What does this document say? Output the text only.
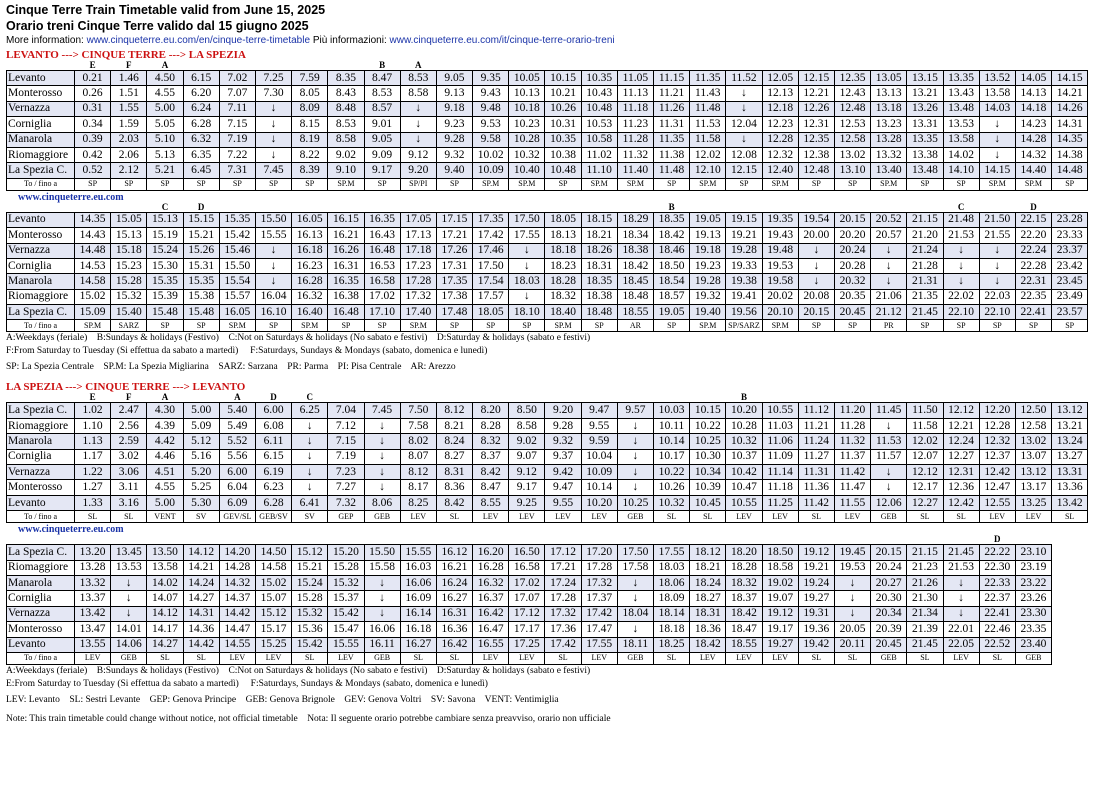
Cinque Terre Train Timetable valid from June 15, 2025
Orario treni Cinque Terre valido dal 15 giugno 2025
More information: www.cinqueterre.eu.com/en/cinque-terre-timetable Più informazioni: www.cinqueterre.eu.com/it/cinque-terre-orario-treni
LEVANTO ---> CINQUE TERRE ---> LA SPEZIA
	E	F	A						B	A																		
Levanto	0.21	1.46	4.50	6.15	7.02	7.25	7.59	8.35	8.47	8.53	9.05	9.35	10.05	10.15	10.35	11.05	11.15	11.35	11.52	12.05	12.15	12.35	13.05	13.15	13.35	13.52	14.05	14.15
Monterosso	0.26	1.51	4.55	6.20	7.07	7.30	8.05	8.43	8.53	8.58	9.13	9.43	10.13	10.21	10.43	11.13	11.21	11.43	↓	12.13	12.21	12.43	13.13	13.21	13.43	13.58	14.13	14.21
Vernazza	0.31	1.55	5.00	6.24	7.11	↓	8.09	8.48	8.57	↓	9.18	9.48	10.18	10.26	10.48	11.18	11.26	11.48	↓	12.18	12.26	12.48	13.18	13.26	13.48	14.03	14.18	14.26
Corniglia	0.34	1.59	5.05	6.28	7.15	↓	8.15	8.53	9.01	↓	9.23	9.53	10.23	10.31	10.53	11.23	11.31	11.53	12.04	12.23	12.31	12.53	13.23	13.31	13.53	↓	14.23	14.31
Manarola	0.39	2.03	5.10	6.32	7.19	↓	8.19	8.58	9.05	↓	9.28	9.58	10.28	10.35	10.58	11.28	11.35	11.58	↓	12.28	12.35	12.58	13.28	13.35	13.58	↓	14.28	14.35
Riomaggiore	0.42	2.06	5.13	6.35	7.22	↓	8.22	9.02	9.09	9.12	9.32	10.02	10.32	10.38	11.02	11.32	11.38	12.02	12.08	12.32	12.38	13.02	13.32	13.38	14.02	↓	14.32	14.38
La Spezia C.	0.52	2.12	5.21	6.45	7.31	7.45	8.39	9.10	9.17	9.20	9.40	10.09	10.40	10.48	11.10	11.40	11.48	12.10	12.15	12.40	12.48	13.10	13.40	13.48	14.10	14.15	14.40	14.48
To / fino a	SP	SP	SP	SP	SP	SP	SP	SP.M	SP	SP/PI	SP	SP.M	SP.M	SP	SP.M	SP.M	SP	SP.M	SP	SP.M	SP	SP	SP.M	SP	SP	SP.M	SP.M	SP
www.cinqueterre.eu.com
			C	D													B								C		D	
Levanto	14.35	15.05	15.13	15.15	15.35	15.50	16.05	16.15	16.35	17.05	17.15	17.35	17.50	18.05	18.15	18.29	18.35	19.05	19.15	19.35	19.54	20.15	20.52	21.15	21.48	21.50	22.15	23.28
Monterosso	14.43	15.13	15.19	15.21	15.42	15.55	16.13	16.21	16.43	17.13	17.21	17.42	17.55	18.13	18.21	18.34	18.42	19.13	19.21	19.43	20.00	20.20	20.57	21.20	21.53	21.55	22.20	23.33
Vernazza	14.48	15.18	15.24	15.26	15.46	↓	16.18	16.26	16.48	17.18	17.26	17.46	↓	18.18	18.26	18.38	18.46	19.18	19.28	19.48	↓	20.24	↓	21.24	↓	↓	22.24	23.37
Corniglia	14.53	15.23	15.30	15.31	15.50	↓	16.23	16.31	16.53	17.23	17.31	17.50	↓	18.23	18.31	18.42	18.50	19.23	19.33	19.53	↓	20.28	↓	21.28	↓	↓	22.28	23.42
Manarola	14.58	15.28	15.35	15.35	15.54	↓	16.28	16.35	16.58	17.28	17.35	17.54	18.03	18.28	18.35	18.45	18.54	19.28	19.38	19.58	↓	20.32	↓	21.31	↓	↓	22.31	23.45
Riomaggiore	15.02	15.32	15.39	15.38	15.57	16.04	16.32	16.38	17.02	17.32	17.38	17.57	↓	18.32	18.38	18.48	18.57	19.32	19.41	20.02	20.08	20.35	21.06	21.35	22.02	22.03	22.35	23.49
La Spezia C.	15.09	15.40	15.48	15.48	16.05	16.10	16.40	16.48	17.10	17.40	17.48	18.05	18.10	18.40	18.48	18.55	19.05	19.40	19.56	20.10	20.15	20.45	21.12	21.45	22.10	22.10	22.41	23.57
To / fino a	SP.M	SARZ	SP	SP	SP.M	SP	SP.M	SP	SP	SP.M	SP	SP	SP	SP.M	SP	AR	SP	SP.M	SP/SARZ	SP.M	SP	SP	PR	SP	SP	SP	SP	SP
A:Weekdays (feriale) B:Sundays & holidays (Festivo) C:Not on Saturdays & holidays (No sabato e festivi) D:Saturday & holidays (sabato e festivi)
F:From Saturday to Tuesday (Si effettua da sabato a martedì) F:Saturdays, Sundays & Mondays (sabato, domenica e lunedì)
SP: La Spezia Centrale    SP.M: La Spezia Migliarina    SARZ: Sarzana    PR: Parma    PI: Pisa Centrale    AR: Arezzo
LA SPEZIA ---> CINQUE TERRE ---> LEVANTO
	E	F	A		A	D	C												B									
La Spezia C.	1.02	2.47	4.30	5.00	5.40	6.00	6.25	7.04	7.45	7.50	8.12	8.20	8.50	9.20	9.47	9.57	10.03	10.15	10.20	10.55	11.12	11.20	11.45	11.50	12.12	12.20	12.50	13.12
Riomaggiore	1.10	2.56	4.39	5.09	5.49	6.08	↓	7.12	↓	7.58	8.21	8.28	8.58	9.28	9.55	↓	10.11	10.22	10.28	11.03	11.21	11.28	↓	11.58	12.21	12.28	12.58	13.21
Manarola	1.13	2.59	4.42	5.12	5.52	6.11	↓	7.15	↓	8.02	8.24	8.32	9.02	9.32	9.59	↓	10.14	10.25	10.32	11.06	11.24	11.32	11.53	12.02	12.24	12.32	13.02	13.24
Corniglia	1.17	3.02	4.46	5.16	5.56	6.15	↓	7.19	↓	8.07	8.27	8.37	9.07	9.37	10.04	↓	10.17	10.30	10.37	11.09	11.27	11.37	11.57	12.07	12.27	12.37	13.07	13.27
Vernazza	1.22	3.06	4.51	5.20	6.00	6.19	↓	7.23	↓	8.12	8.31	8.42	9.12	9.42	10.09	↓	10.22	10.34	10.42	11.14	11.31	11.42	↓	12.12	12.31	12.42	13.12	13.31
Monterosso	1.27	3.11	4.55	5.25	6.04	6.23	↓	7.27	↓	8.17	8.36	8.47	9.17	9.47	10.14	↓	10.26	10.39	10.47	11.18	11.36	11.47	↓	12.17	12.36	12.47	13.17	13.36
Levanto	1.33	3.16	5.00	5.30	6.09	6.28	6.41	7.32	8.06	8.25	8.42	8.55	9.25	9.55	10.20	10.25	10.32	10.45	10.55	11.25	11.42	11.55	12.06	12.27	12.42	12.55	13.25	13.42
To / fino a	SL	SL	VENT	SV	GEV/SL	GEB/SV	SV	GEP	GEB	LEV	SL	LEV	LEV	LEV	LEV	GEB	SL	SL	LEV	LEV	SL	LEV	GEB	SL	SL	LEV	LEV	SL
www.cinqueterre.eu.com
																										D	
La Spezia C.	13.20	13.45	13.50	14.12	14.20	14.50	15.12	15.20	15.50	15.55	16.12	16.20	16.50	17.12	17.20	17.50	17.55	18.12	18.20	18.50	19.12	19.45	20.15	21.15	21.45	22.22	23.10
Riomaggiore	13.28	13.53	13.58	14.21	14.28	14.58	15.21	15.28	15.58	16.03	16.21	16.28	16.58	17.21	17.28	17.58	18.03	18.21	18.28	18.58	19.21	19.53	20.24	21.23	21.53	22.30	23.19
Manarola	13.32	↓	14.02	14.24	14.32	15.02	15.24	15.32	↓	16.06	16.24	16.32	17.02	17.24	17.32	↓	18.06	18.24	18.32	19.02	19.24	↓	20.27	21.26	↓	22.33	23.22
Corniglia	13.37	↓	14.07	14.27	14.37	15.07	15.28	15.37	↓	16.09	16.27	16.37	17.07	17.28	17.37	↓	18.09	18.27	18.37	19.07	19.27	↓	20.30	21.30	↓	22.37	23.26
Vernazza	13.42	↓	14.12	14.31	14.42	15.12	15.32	15.42	↓	16.14	16.31	16.42	17.12	17.32	17.42	18.04	18.14	18.31	18.42	19.12	19.31	↓	20.34	21.34	↓	22.41	23.30
Monterosso	13.47	14.01	14.17	14.36	14.47	15.17	15.36	15.47	16.06	16.18	16.36	16.47	17.17	17.36	17.47	↓	18.18	18.36	18.47	19.17	19.36	20.05	20.39	21.39	22.01	22.46	23.35
Levanto	13.55	14.06	14.27	14.42	14.55	15.25	15.42	15.55	16.11	16.27	16.42	16.55	17.25	17.42	17.55	18.11	18.25	18.42	18.55	19.27	19.42	20.11	20.45	21.45	22.05	22.52	23.40
To / fino a	LEV	GEB	SL	SL	LEV	LEV	SL	LEV	GEB	SL	SL	LEV	LEV	SL	LEV	GEB	SL	LEV	LEV	LEV	SL	SL	GEB	SL	LEV	SL	GEB
A:Weekdays (feriale) B:Sundays & holidays (Festivo) C:Not on Saturdays & holidays (No sabato e festivi) D:Saturday & holidays (sabato e festivi)
E:From Saturday to Tuesday (Si effettua da sabato a martedì) F:Saturdays, Sundays & Mondays (sabato, domenica e lunedì)
LEV: Levanto    SL: Sestri Levante    GEP: Genova Principe    GEB: Genova Brignole    GEV: Genova Voltri    SV: Savona    VENT: Ventimiglia
Note: This train timetable could change without notice, not official timetable    Nota: Il seguente orario potrebbe cambiare senza preavviso, orario non ufficiale
